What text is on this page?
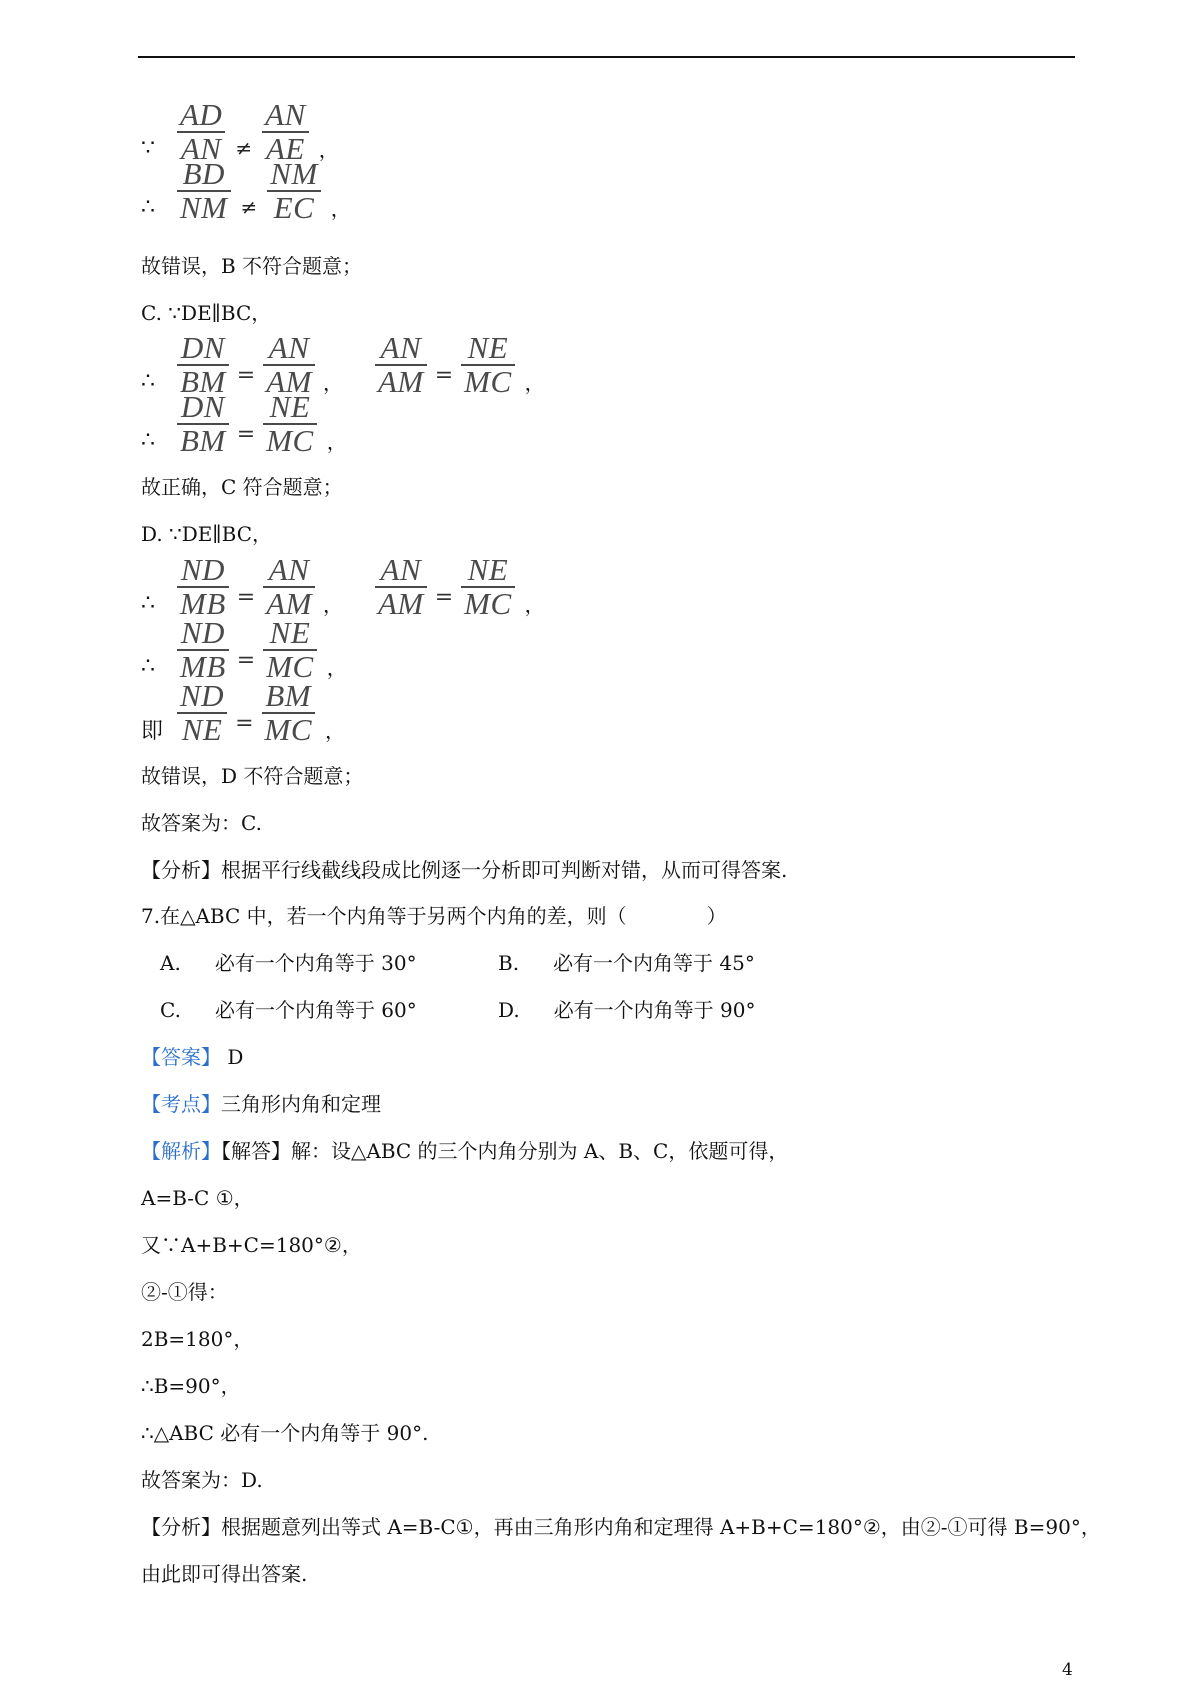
∵ $\frac{AD}{AN} \ne \frac{AN}{AE}$ ，
∴ $\frac{BD}{NM} \ne \frac{NM}{EC}$ ，
故错误，B 不符合题意；
C. ∵DE∥BC，
∴ $\frac{DN}{BM} = \frac{AN}{AM}$ ， $\frac{AN}{AM} = \frac{NE}{MC}$ ，
∴ $\frac{DN}{BM} = \frac{NE}{MC}$ ，
故正确，C 符合题意；
D. ∵DE∥BC，
∴ $\frac{ND}{MB} = \frac{AN}{AM}$ ， $\frac{AN}{AM} = \frac{NE}{MC}$ ，
∴ $\frac{ND}{MB} = \frac{NE}{MC}$ ，
即 $\frac{ND}{NE} = \frac{BM}{MC}$ ，
故错误，D 不符合题意；
故答案为：C.
【分析】根据平行线截线段成比例逐一分析即可判断对错，从而可得答案.
7.在△ABC 中，若一个内角等于另两个内角的差，则（　　　　）
A. 必有一个内角等于 30°	B. 必有一个内角等于 45°
C. 必有一个内角等于 60°	D. 必有一个内角等于 90°
【答案】 D
【考点】三角形内角和定理
【解析】【解答】解：设△ABC 的三个内角分别为 A、B、C，依题可得，
A=B-C ①，
又∵A+B+C=180°②，
②-①得：
2B=180°，
∴B=90°，
∴△ABC 必有一个内角等于 90°.
故答案为：D.
【分析】根据题意列出等式 A=B-C①，再由三角形内角和定理得 A+B+C=180°②，由②-①可得 B=90°，
由此即可得出答案.
4
